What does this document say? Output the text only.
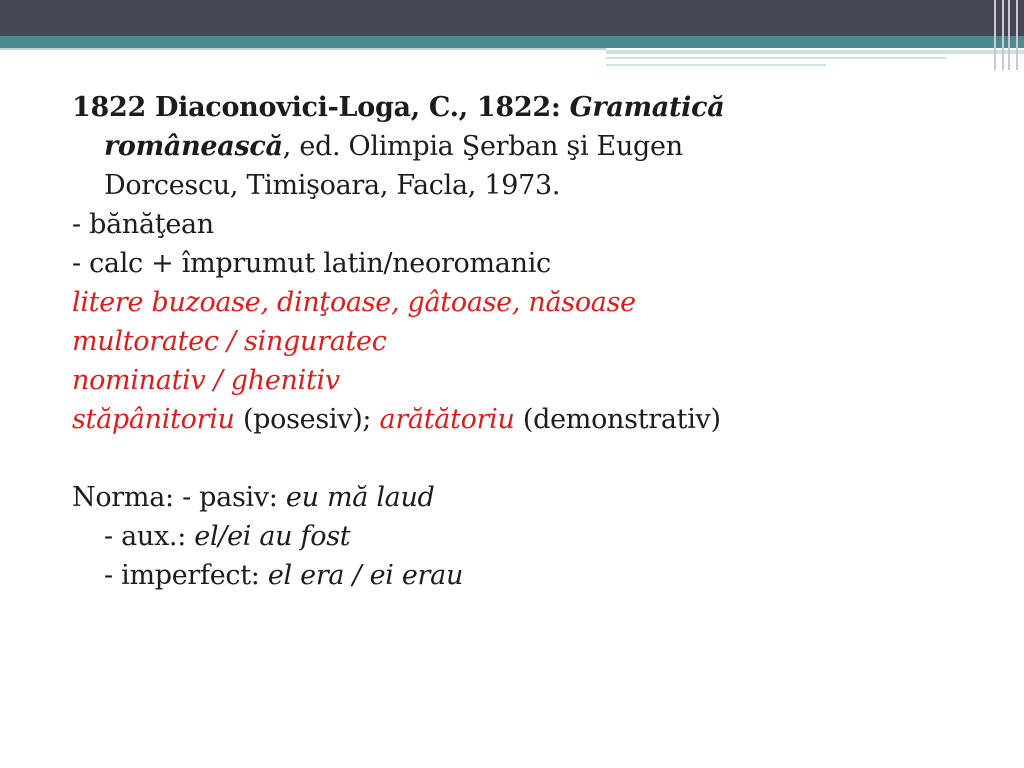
1822 Diaconovici-Loga, C., 1822: Gramatică
românească, ed. Olimpia Şerban şi Eugen
Dorcescu, Timişoara, Facla, 1973.
- bănăţean
- calc + împrumut latin/neoromanic
litere buzoase, dinţoase, gâtoase, năsoase
multoratec / singuratec
nominativ / ghenitiv
stăpânitoriu (posesiv); arătătoriu (demonstrativ)
Norma: - pasiv: eu mă laud
- aux.: el/ei au fost
- imperfect: el era / ei erau
